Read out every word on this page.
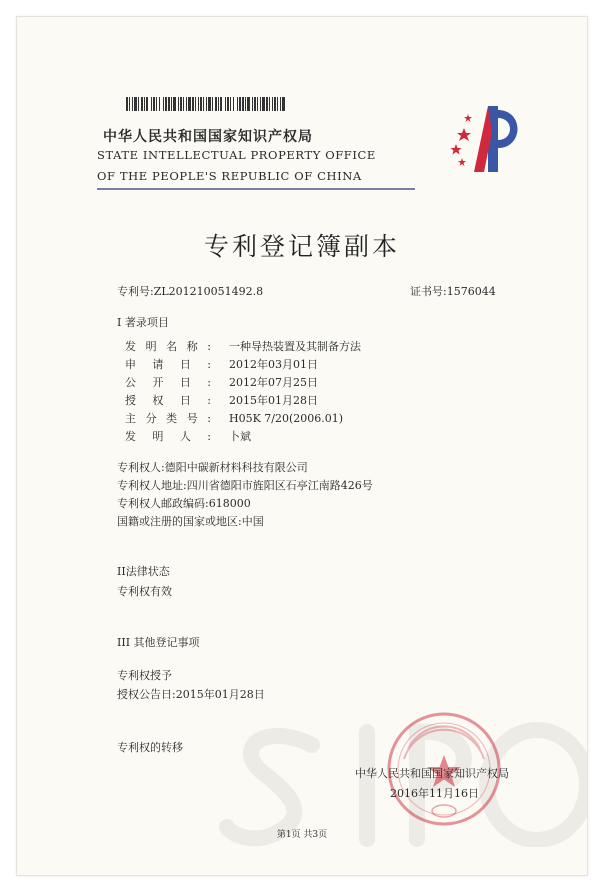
中华人民共和国国家知识产权局
STATE INTELLECTUAL PROPERTY OFFICE
OF THE PEOPLE'S REPUBLIC OF CHINA
专利登记簿副本
专利号:ZL201210051492.8	证书号:1576044
I 著录项目
发明名称: 一种导热装置及其制备方法
申请日: 2012年03月01日
公开日: 2012年07月25日
授权日: 2015年01月28日
主分类号: H05K 7/20(2006.01)
发明人: 卜斌
专利权人:德阳中碳新材料科技有限公司
专利权人地址:四川省德阳市旌阳区石亭江南路426号
专利权人邮政编码:618000
国籍或注册的国家或地区:中国
II法律状态
专利权有效
III 其他登记事项
专利权授予
授权公告日:2015年01月28日
专利权的转移
中华人民共和国国家知识产权局
2016年11月16日
第1页 共3页
